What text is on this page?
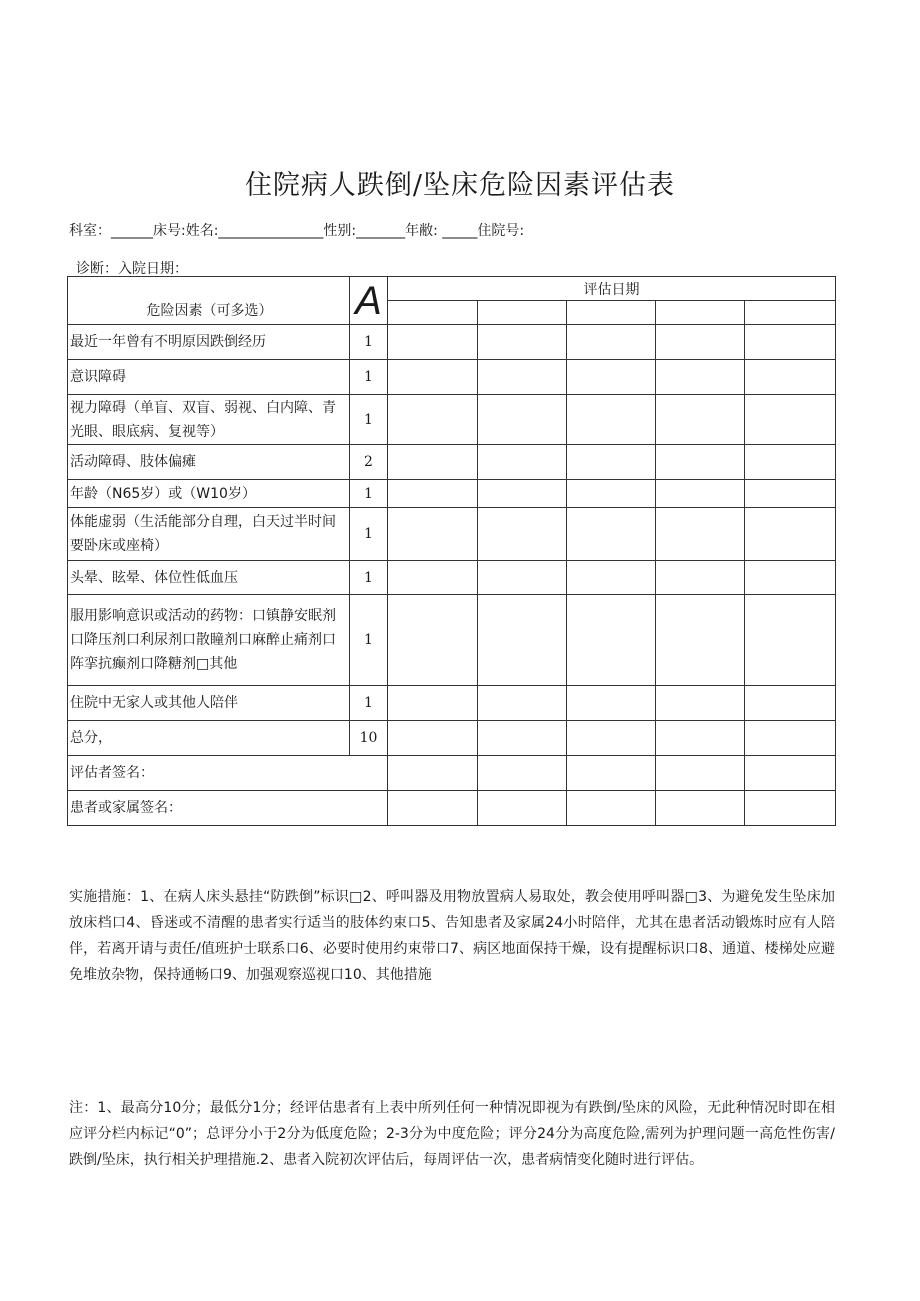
住院病人跌倒/坠床危险因素评估表
科室：______床号:姓名:_______________性别:_______年敝: _____住院号:
诊断：入院日期：
危险因素（可多选）	A	评估日期				

最近一年曾有不明原因跌倒经历	1					
意识障碍	1					
视力障碍（单盲、双盲、弱视、白内障、青光眼、眼底病、复视等）	1					
活动障碍、肢体偏瘫	2					
年龄（N65岁）或（W10岁）	1					
体能虚弱（生活能部分自理，白天过半时间要卧床或座椅）	1					
头晕、眩晕、体位性低血压	1					
服用影响意识或活动的药物：口镇静安眠剂口降压剂口利尿剂口散瞳剂口麻醉止痛剂口阵挛抗癫剂口降糖剂□其他	1					
住院中无家人或其他人陪伴	1					
总分，	10					
评估者签名：						
患者或家属签名：						
实施措施：1、在病人床头悬挂“防跌倒”标识□2、呼叫器及用物放置病人易取处，教会使用呼叫器□3、为避免发生坠床加放床档口4、昏迷或不清醒的患者实行适当的肢体约束口5、告知患者及家属24小时陪伴，尤其在患者活动锻炼时应有人陪伴，若离开请与责任/值班护士联系口6、必要时使用约束带口7、病区地面保持干燥，设有提醒标识口8、通道、楼梯处应避免堆放杂物，保持通畅口9、加强观察巡视口10、其他措施
注：1、最高分10分；最低分1分；经评估患者有上表中所列任何一种情况即视为有跌倒/坠床的风险，无此种情况时即在相应评分栏内标记“0”；总评分小于2分为低度危险；2-3分为中度危险；评分24分为高度危险,需列为护理问题一高危性伤害/跌倒/坠床，执行相关护理措施.2、患者入院初次评估后，每周评估一次，患者病情变化随时进行评估。
